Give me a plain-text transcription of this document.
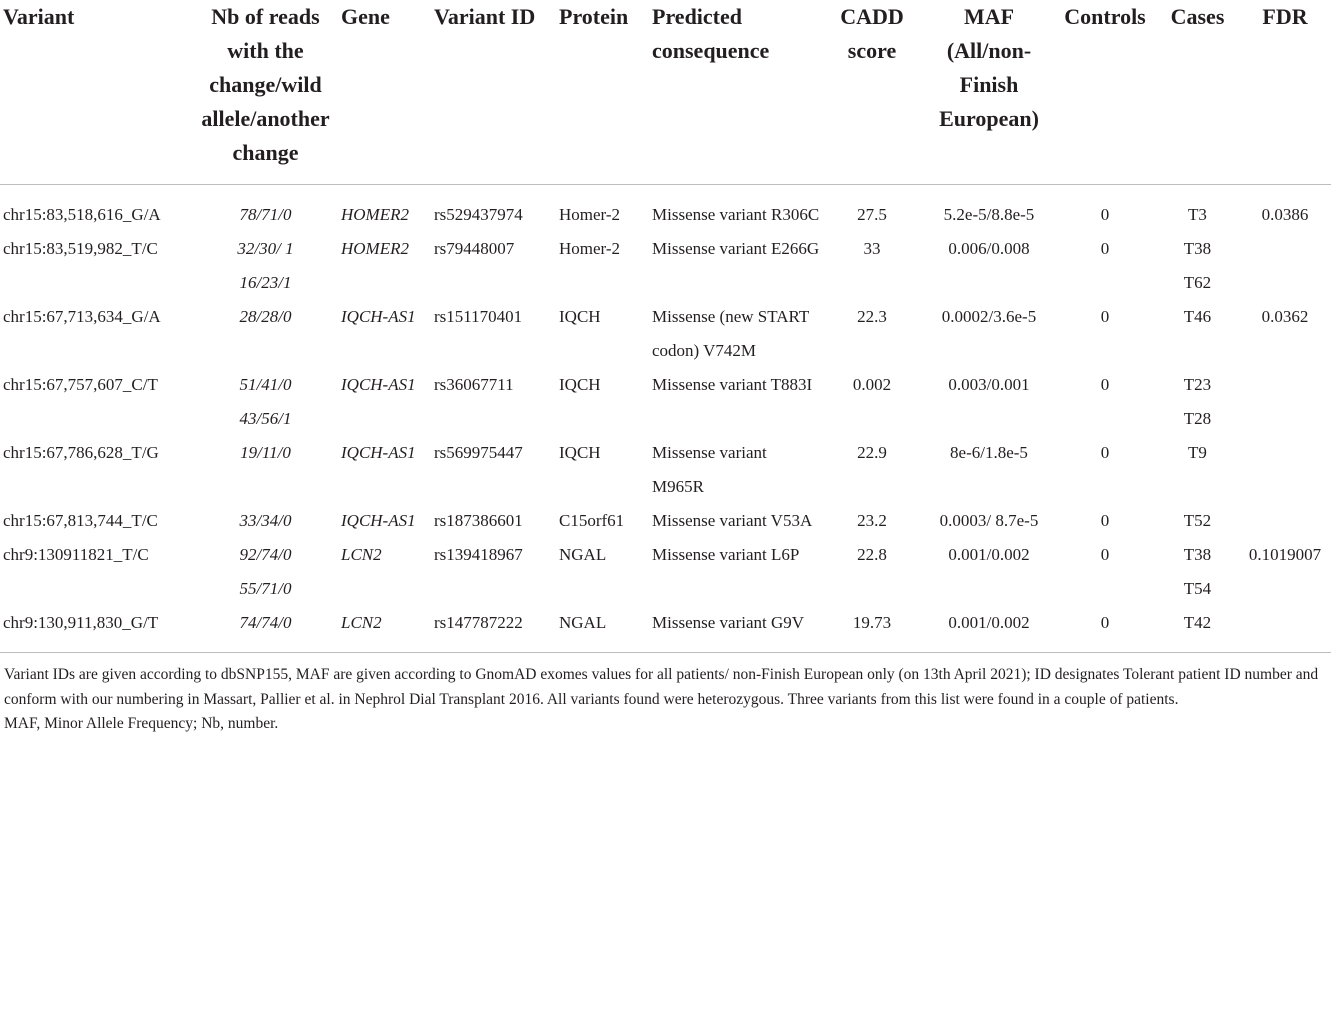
Variant	Nb of reads with the change/wild allele/another change	Gene	Variant ID	Protein	Predicted consequence	CADD score	MAF (All/non-Finish European)	Controls	Cases	FDR
chr15:83,518,616_G/A	78/71/0	HOMER2	rs529437974	Homer-2	Missense variant R306C	27.5	5.2e-5/8.8e-5	0	T3	0.0386
chr15:83,519,982_T/C	32/30/ 1	HOMER2	rs79448007	Homer-2	Missense variant E266G	33	0.006/0.008	0	T38	
	16/23/1								T62	
chr15:67,713,634_G/A	28/28/0	IQCH-AS1	rs151170401	IQCH	Missense (new START codon) V742M	22.3	0.0002/3.6e-5	0	T46	0.0362
chr15:67,757,607_C/T	51/41/0	IQCH-AS1	rs36067711	IQCH	Missense variant T883I	0.002	0.003/0.001	0	T23	
	43/56/1								T28	
chr15:67,786,628_T/G	19/11/0	IQCH-AS1	rs569975447	IQCH	Missense variant M965R	22.9	8e-6/1.8e-5	0	T9	
chr15:67,813,744_T/C	33/34/0	IQCH-AS1	rs187386601	C15orf61	Missense variant V53A	23.2	0.0003/ 8.7e-5	0	T52	
chr9:130911821_T/C	92/74/0	LCN2	rs139418967	NGAL	Missense variant L6P	22.8	0.001/0.002	0	T38	0.1019007
	55/71/0								T54	
chr9:130,911,830_G/T	74/74/0	LCN2	rs147787222	NGAL	Missense variant G9V	19.73	0.001/0.002	0	T42	

Variant IDs are given according to dbSNP155, MAF are given according to GnomAD exomes values for all patients/ non-Finish European only (on 13th April 2021); ID designates Tolerant patient ID number and conform with our numbering in Massart, Pallier et al. in Nephrol Dial Transplant 2016. All variants found were heterozygous. Three variants from this list were found in a couple of patients.

MAF, Minor Allele Frequency; Nb, number.
